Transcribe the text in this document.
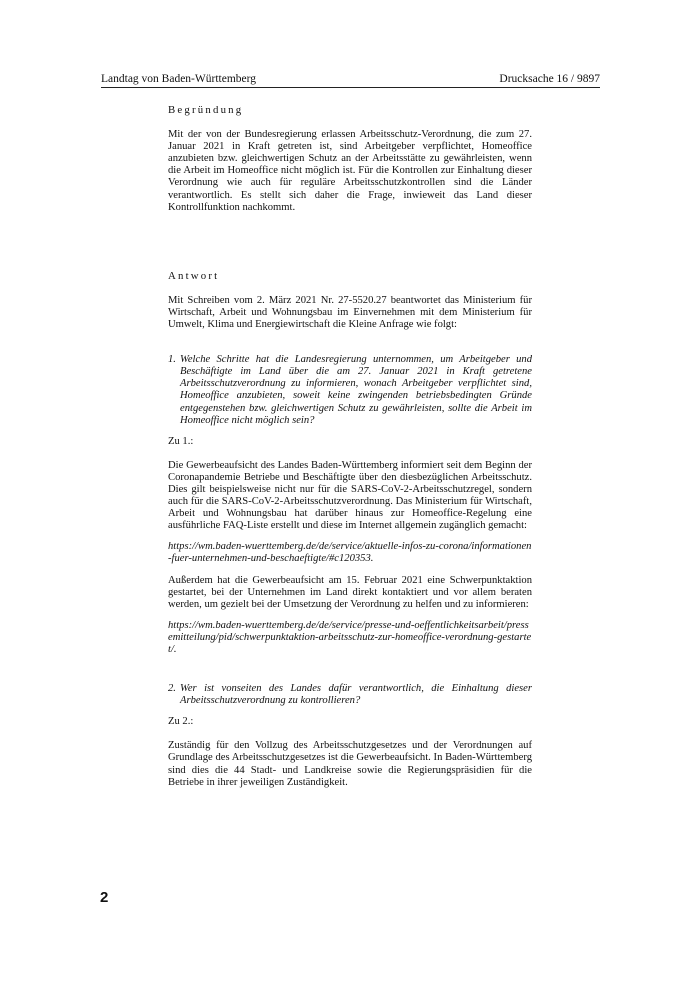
Landtag von Baden-Württemberg	Drucksache 16 / 9897
Begründung

Mit der von der Bundesregierung erlassen Arbeitsschutz-Verordnung, die zum 27. Januar 2021 in Kraft getreten ist, sind Arbeitgeber verpflichtet, Homeoffice anzubieten bzw. gleichwertigen Schutz an der Arbeitsstätte zu gewährleisten, wenn die Arbeit im Homeoffice nicht möglich ist. Für die Kontrollen zur Einhaltung dieser Verordnung wie auch für reguläre Arbeitsschutzkontrollen sind die Länder verantwortlich. Es stellt sich daher die Frage, inwieweit das Land dieser Kontrollfunktion nachkommt.

Antwort

Mit Schreiben vom 2. März 2021 Nr. 27-5520.27 beantwortet das Ministerium für Wirtschaft, Arbeit und Wohnungsbau im Einvernehmen mit dem Ministerium für Umwelt, Klima und Energiewirtschaft die Kleine Anfrage wie folgt:

1. Welche Schritte hat die Landesregierung unternommen, um Arbeitgeber und Beschäftigte im Land über die am 27. Januar 2021 in Kraft getretene Arbeitsschutzverordnung zu informieren, wonach Arbeitgeber verpflichtet sind, Homeoffice anzubieten, soweit keine zwingenden betriebsbedingten Gründe entgegenstehen bzw. gleichwertigen Schutz zu gewährleisten, sollte die Arbeit im Homeoffice nicht möglich sein?
Zu 1.:

Die Gewerbeaufsicht des Landes Baden-Württemberg informiert seit dem Beginn der Coronapandemie Betriebe und Beschäftigte über den diesbezüglichen Arbeitsschutz. Dies gilt beispielsweise nicht nur für die SARS-CoV-2-Arbeitsschutzregel, sondern auch für die SARS-CoV-2-Arbeitsschutzverordnung. Das Ministerium für Wirtschaft, Arbeit und Wohnungsbau hat darüber hinaus zur Homeoffice-Regelung eine ausführliche FAQ-Liste erstellt und diese im Internet allgemein zugänglich gemacht:

https://wm.baden-wuerttemberg.de/de/service/aktuelle-infos-zu-corona/informationen-fuer-unternehmen-und-beschaeftigte/#c120353.

Außerdem hat die Gewerbeaufsicht am 15. Februar 2021 eine Schwerpunktaktion gestartet, bei der Unternehmen im Land direkt kontaktiert und vor allem beraten werden, um gezielt bei der Umsetzung der Verordnung zu helfen und zu informieren:

https://wm.baden-wuerttemberg.de/de/service/presse-und-oeffentlichkeitsarbeit/pressemitteilung/pid/schwerpunktaktion-arbeitsschutz-zur-homeoffice-verordnung-gestartet/.

2. Wer ist vonseiten des Landes dafür verantwortlich, die Einhaltung dieser Arbeitsschutzverordnung zu kontrollieren?
Zu 2.:

Zuständig für den Vollzug des Arbeitsschutzgesetzes und der Verordnungen auf Grundlage des Arbeitsschutzgesetzes ist die Gewerbeaufsicht. In Baden-Württemberg sind dies die 44 Stadt- und Landkreise sowie die Regierungspräsidien für die Betriebe in ihrer jeweiligen Zuständigkeit.

2
